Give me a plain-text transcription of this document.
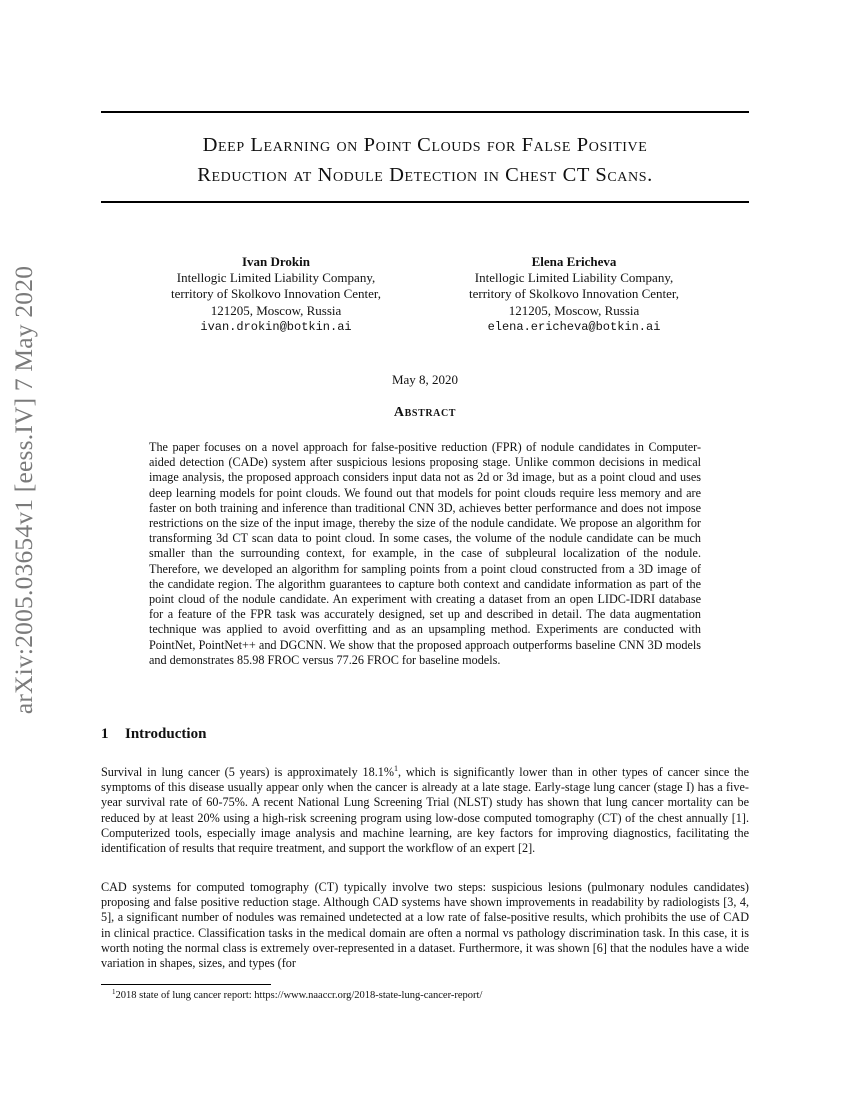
arXiv:2005.03654v1 [eess.IV] 7 May 2020
Deep Learning on Point Clouds for False Positive
Reduction at Nodule Detection in Chest CT Scans.
Ivan Drokin
Intellogic Limited Liability Company,
territory of Skolkovo Innovation Center,
121205, Moscow, Russia
ivan.drokin@botkin.ai
Elena Ericheva
Intellogic Limited Liability Company,
territory of Skolkovo Innovation Center,
121205, Moscow, Russia
elena.ericheva@botkin.ai
May 8, 2020
Abstract
The paper focuses on a novel approach for false-positive reduction (FPR) of nodule candidates in Computer-aided detection (CADe) system after suspicious lesions proposing stage. Unlike common decisions in medical image analysis, the proposed approach considers input data not as 2d or 3d image, but as a point cloud and uses deep learning models for point clouds. We found out that models for point clouds require less memory and are faster on both training and inference than traditional CNN 3D, achieves better performance and does not impose restrictions on the size of the input image, thereby the size of the nodule candidate. We propose an algorithm for transforming 3d CT scan data to point cloud. In some cases, the volume of the nodule candidate can be much smaller than the surrounding context, for example, in the case of subpleural localization of the nodule. Therefore, we developed an algorithm for sampling points from a point cloud constructed from a 3D image of the candidate region. The algorithm guarantees to capture both context and candidate information as part of the point cloud of the nodule candidate. An experiment with creating a dataset from an open LIDC-IDRI database for a feature of the FPR task was accurately designed, set up and described in detail. The data augmentation technique was applied to avoid overfitting and as an upsampling method. Experiments are conducted with PointNet, PointNet++ and DGCNN. We show that the proposed approach outperforms baseline CNN 3D models and demonstrates 85.98 FROC versus 77.26 FROC for baseline models.
1 Introduction
Survival in lung cancer (5 years) is approximately 18.1%$^1$, which is significantly lower than in other types of cancer since the symptoms of this disease usually appear only when the cancer is already at a late stage. Early-stage lung cancer (stage I) has a five-year survival rate of 60-75%. A recent National Lung Screening Trial (NLST) study has shown that lung cancer mortality can be reduced by at least 20% using a high-risk screening program using low-dose computed tomography (CT) of the chest annually [1]. Computerized tools, especially image analysis and machine learning, are key factors for improving diagnostics, facilitating the identification of results that require treatment, and support the workflow of an expert [2].
CAD systems for computed tomography (CT) typically involve two steps: suspicious lesions (pulmonary nodules candidates) proposing and false positive reduction stage. Although CAD systems have shown improvements in readability by radiologists [3, 4, 5], a significant number of nodules was remained undetected at a low rate of false-positive results, which prohibits the use of CAD in clinical practice. Classification tasks in the medical domain are often a normal vs pathology discrimination task. In this case, it is worth noting the normal class is extremely over-represented in a dataset. Furthermore, it was shown [6] that the nodules have a wide variation in shapes, sizes, and types (for
$^1$2018 state of lung cancer report: https://www.naaccr.org/2018-state-lung-cancer-report/
